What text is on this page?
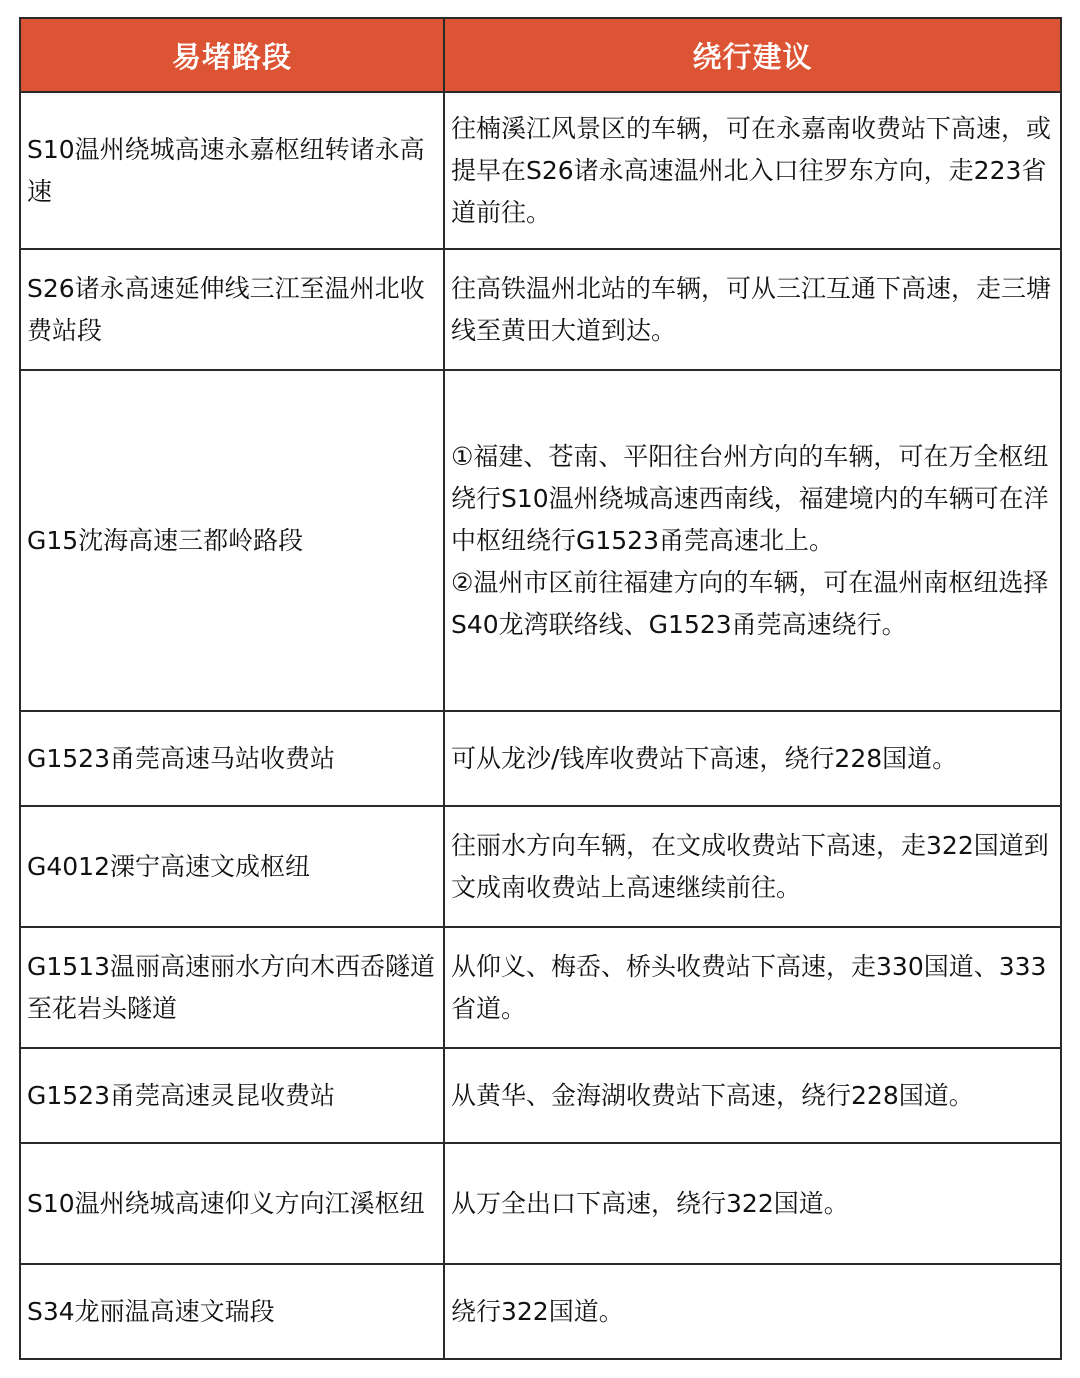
易堵路段	绕行建议
S10温州绕城高速永嘉枢纽转诸永高速	往楠溪江风景区的车辆，可在永嘉南收费站下高速，或提早在S26诸永高速温州北入口往罗东方向，走223省道前往。

S26诸永高速延伸线三江至温州北收费站段	往高铁温州北站的车辆，可从三江互通下高速，走三塘线至黄田大道到达。

G15沈海高速三都岭路段	①福建、苍南、平阳往台州方向的车辆，可在万全枢纽绕行S10温州绕城高速西南线，福建境内的车辆可在洋中枢纽绕行G1523甬莞高速北上。
②温州市区前往福建方向的车辆，可在温州南枢纽选择S40龙湾联络线、G1523甬莞高速绕行。

G1523甬莞高速马站收费站	可从龙沙/钱库收费站下高速，绕行228国道。

G4012溧宁高速文成枢纽	往丽水方向车辆，在文成收费站下高速，走322国道到文成南收费站上高速继续前往。

G1513温丽高速丽水方向木西岙隧道至花岩头隧道	从仰义、梅岙、桥头收费站下高速，走330国道、333省道。

G1523甬莞高速灵昆收费站	从黄华、金海湖收费站下高速，绕行228国道。

S10温州绕城高速仰义方向江溪枢纽	从万全出口下高速，绕行322国道。

S34龙丽温高速文瑞段	绕行322国道。
